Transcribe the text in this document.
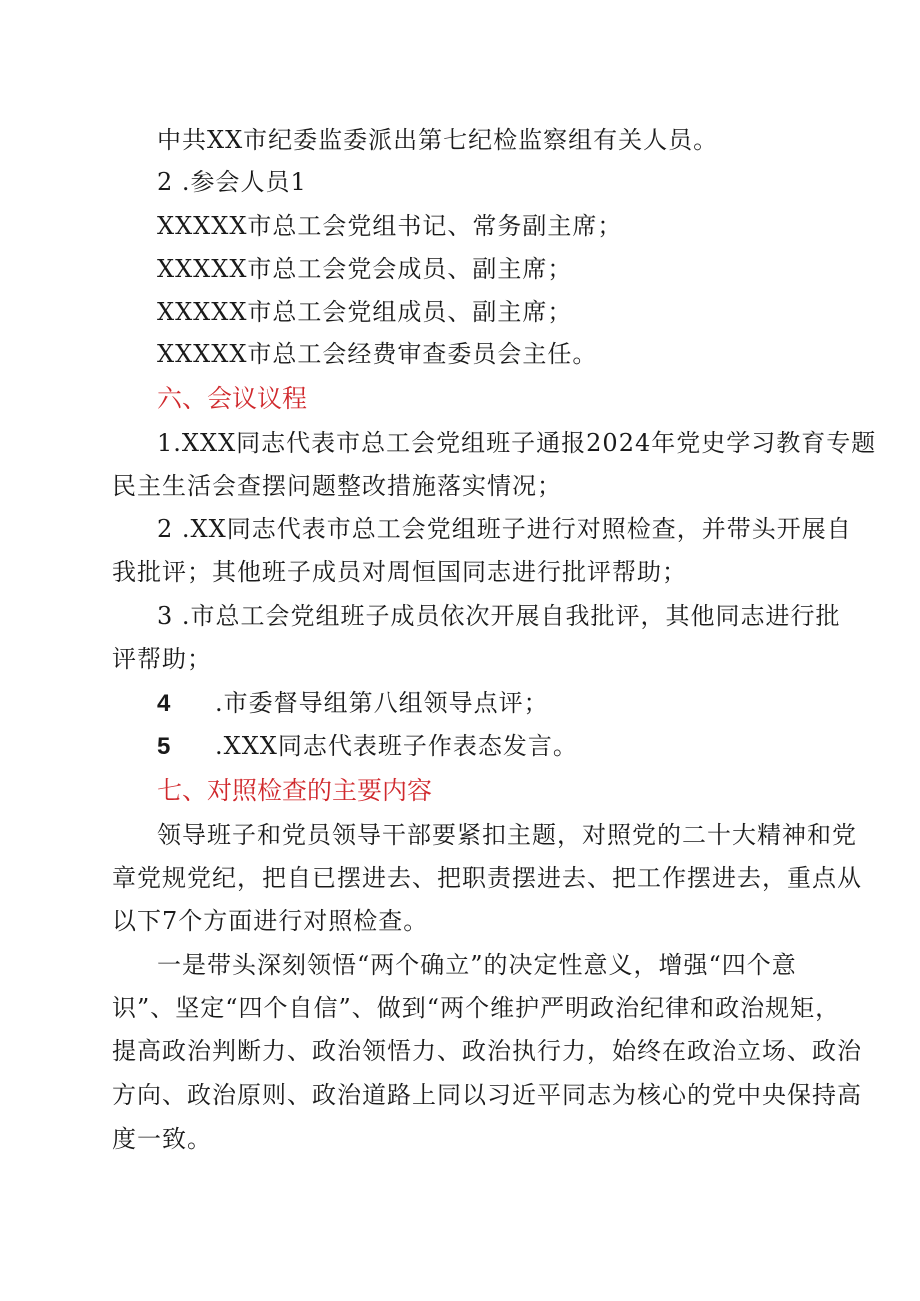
中共XX市纪委监委派出第七纪检监察组有关人员。
2 .参会人员1
XXXXX市总工会党组书记、常务副主席；
XXXXX市总工会党会成员、副主席；
XXXXX市总工会党组成员、副主席；
XXXXX市总工会经费审查委员会主任。
六、会议议程
1.XXX同志代表市总工会党组班子通报2024年党史学习教育专题
民主生活会查摆问题整改措施落实情况；
2 .XX同志代表市总工会党组班子进行对照检查，并带头开展自
我批评；其他班子成员对周恒国同志进行批评帮助；
3 .市总工会党组班子成员依次开展自我批评，其他同志进行批
评帮助；
4 .市委督导组第八组领导点评；
5 .XXX同志代表班子作表态发言。
七、对照检查的主要内容
领导班子和党员领导干部要紧扣主题，对照党的二十大精神和党
章党规党纪，把自已摆进去、把职责摆进去、把工作摆进去，重点从
以下7个方面进行对照检查。
一是带头深刻领悟“两个确立”的决定性意义，增强“四个意
识”、坚定“四个自信”、做到“两个维护严明政治纪律和政治规矩，
提高政治判断力、政治领悟力、政治执行力，始终在政治立场、政治
方向、政治原则、政治道路上同以习近平同志为核心的党中央保持高
度一致。
